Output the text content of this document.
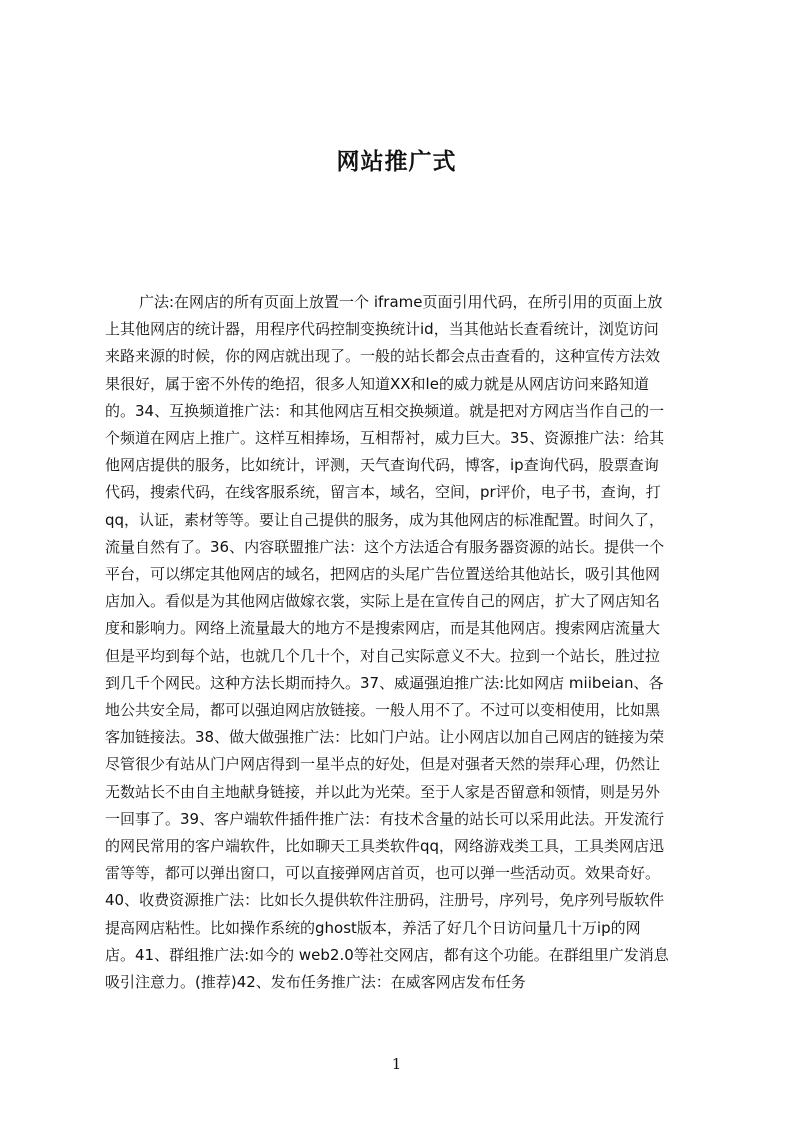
网站推广式
广法:在网店的所有页面上放置一个 iframe页面引用代码，在所引用的页面上放
上其他网店的统计器，用程序代码控制变换统计id，当其他站长查看统计，浏览访问
来路来源的时候，你的网店就出现了。一般的站长都会点击查看的，这种宣传方法效
果很好，属于密不外传的绝招，很多人知道XX和le的威力就是从网店访问来路知道
的。34、互换频道推广法：和其他网店互相交换频道。就是把对方网店当作自己的一
个频道在网店上推广。这样互相捧场，互相帮衬，威力巨大。35、资源推广法：给其
他网店提供的服务，比如统计，评测，天气查询代码，博客，ip查询代码，股票查询
代码，搜索代码，在线客服系统，留言本，域名，空间，pr评价，电子书，查询，打
qq，认证，素材等等。要让自己提供的服务，成为其他网店的标准配置。时间久了，
流量自然有了。36、内容联盟推广法：这个方法适合有服务器资源的站长。提供一个
平台，可以绑定其他网店的域名，把网店的头尾广告位置送给其他站长，吸引其他网
店加入。看似是为其他网店做嫁衣裳，实际上是在宣传自己的网店，扩大了网店知名
度和影响力。网络上流量最大的地方不是搜索网店，而是其他网店。搜索网店流量大
但是平均到每个站，也就几个几十个，对自己实际意义不大。拉到一个站长，胜过拉
到几千个网民。这种方法长期而持久。37、威逼强迫推广法:比如网店 miibeian、各
地公共安全局，都可以强迫网店放链接。一般人用不了。不过可以变相使用，比如黑
客加链接法。38、做大做强推广法：比如门户站。让小网店以加自己网店的链接为荣
尽管很少有站从门户网店得到一星半点的好处，但是对强者天然的崇拜心理，仍然让
无数站长不由自主地献身链接，并以此为光荣。至于人家是否留意和领情，则是另外
一回事了。39、客户端软件插件推广法：有技术含量的站长可以采用此法。开发流行
的网民常用的客户端软件，比如聊天工具类软件qq，网络游戏类工具，工具类网店迅
雷等等，都可以弹出窗口，可以直接弹网店首页，也可以弹一些活动页。效果奇好。
40、收费资源推广法：比如长久提供软件注册码，注册号，序列号，免序列号版软件
提高网店粘性。比如操作系统的ghost版本，养活了好几个日访问量几十万ip的网
店。41、群组推广法:如今的 web2.0等社交网店，都有这个功能。在群组里广发消息
吸引注意力。(推荐)42、发布任务推广法：在威客网店发布任务
1
